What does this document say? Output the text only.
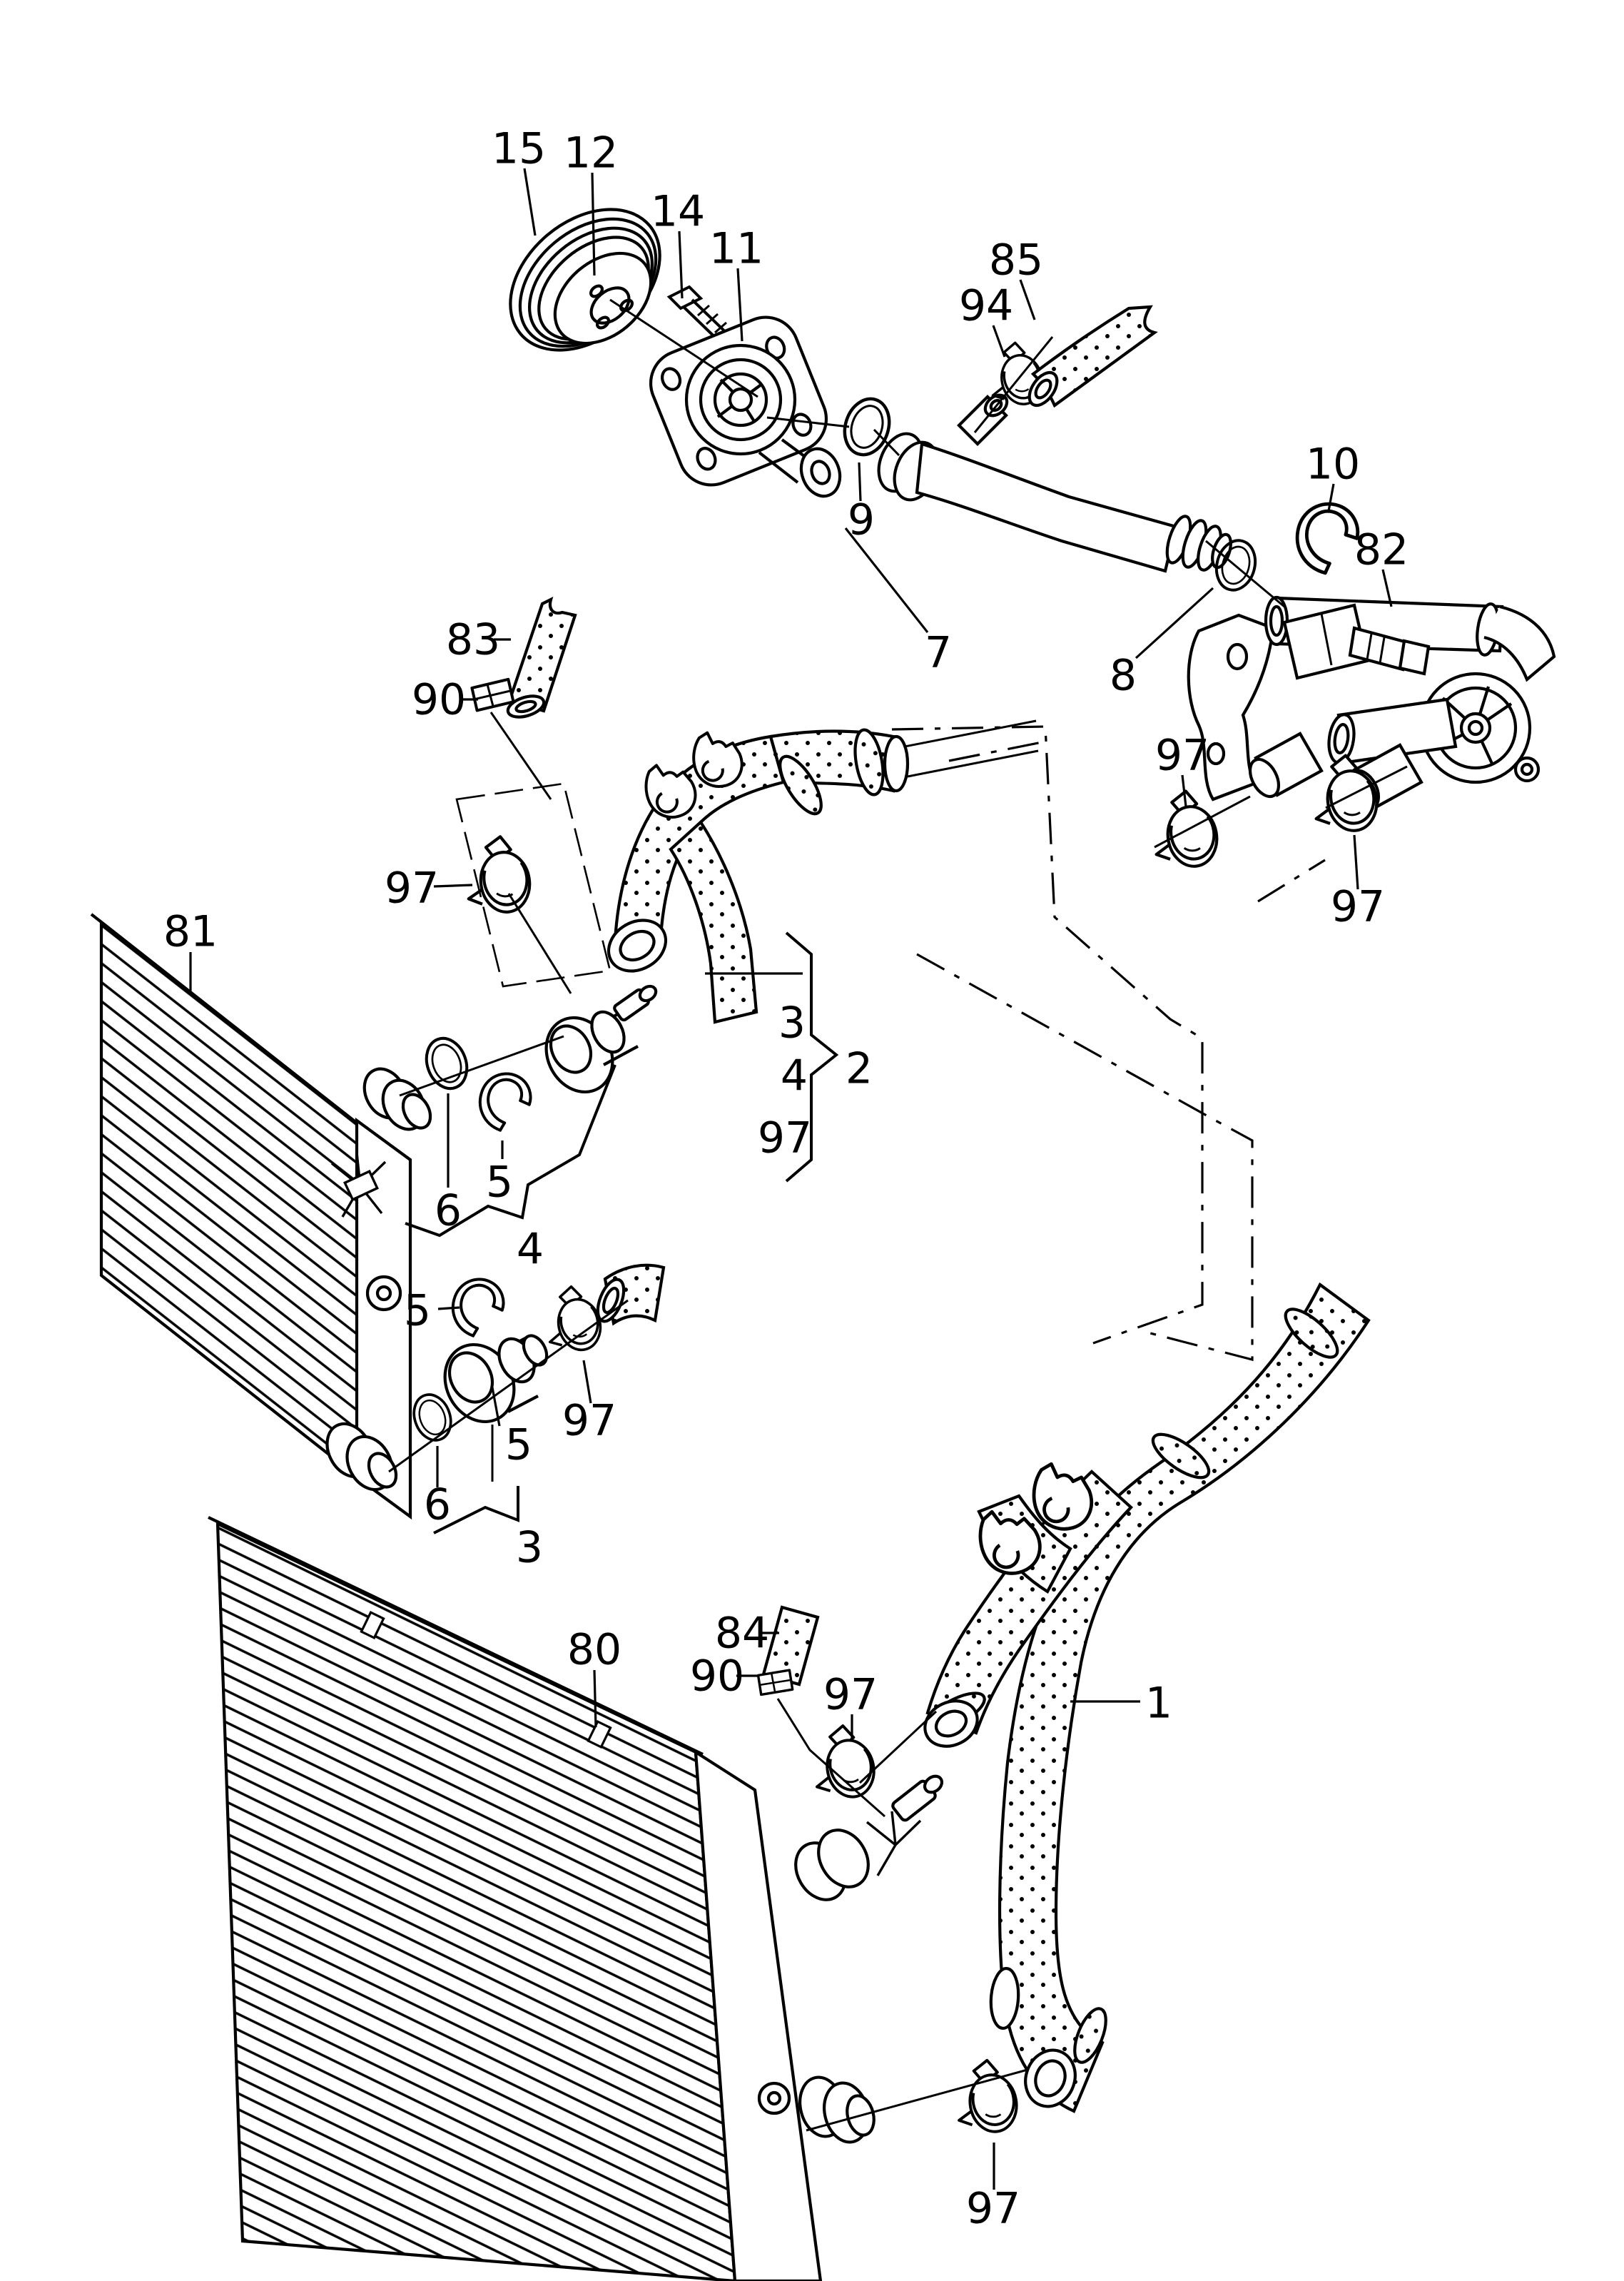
15 12
14
11	85
94
9
7	8
10
82
83
90
97
81
97
97
3
4
97
2
5
6
4
5
5
6
3
97
80 84
90 97	1
97
